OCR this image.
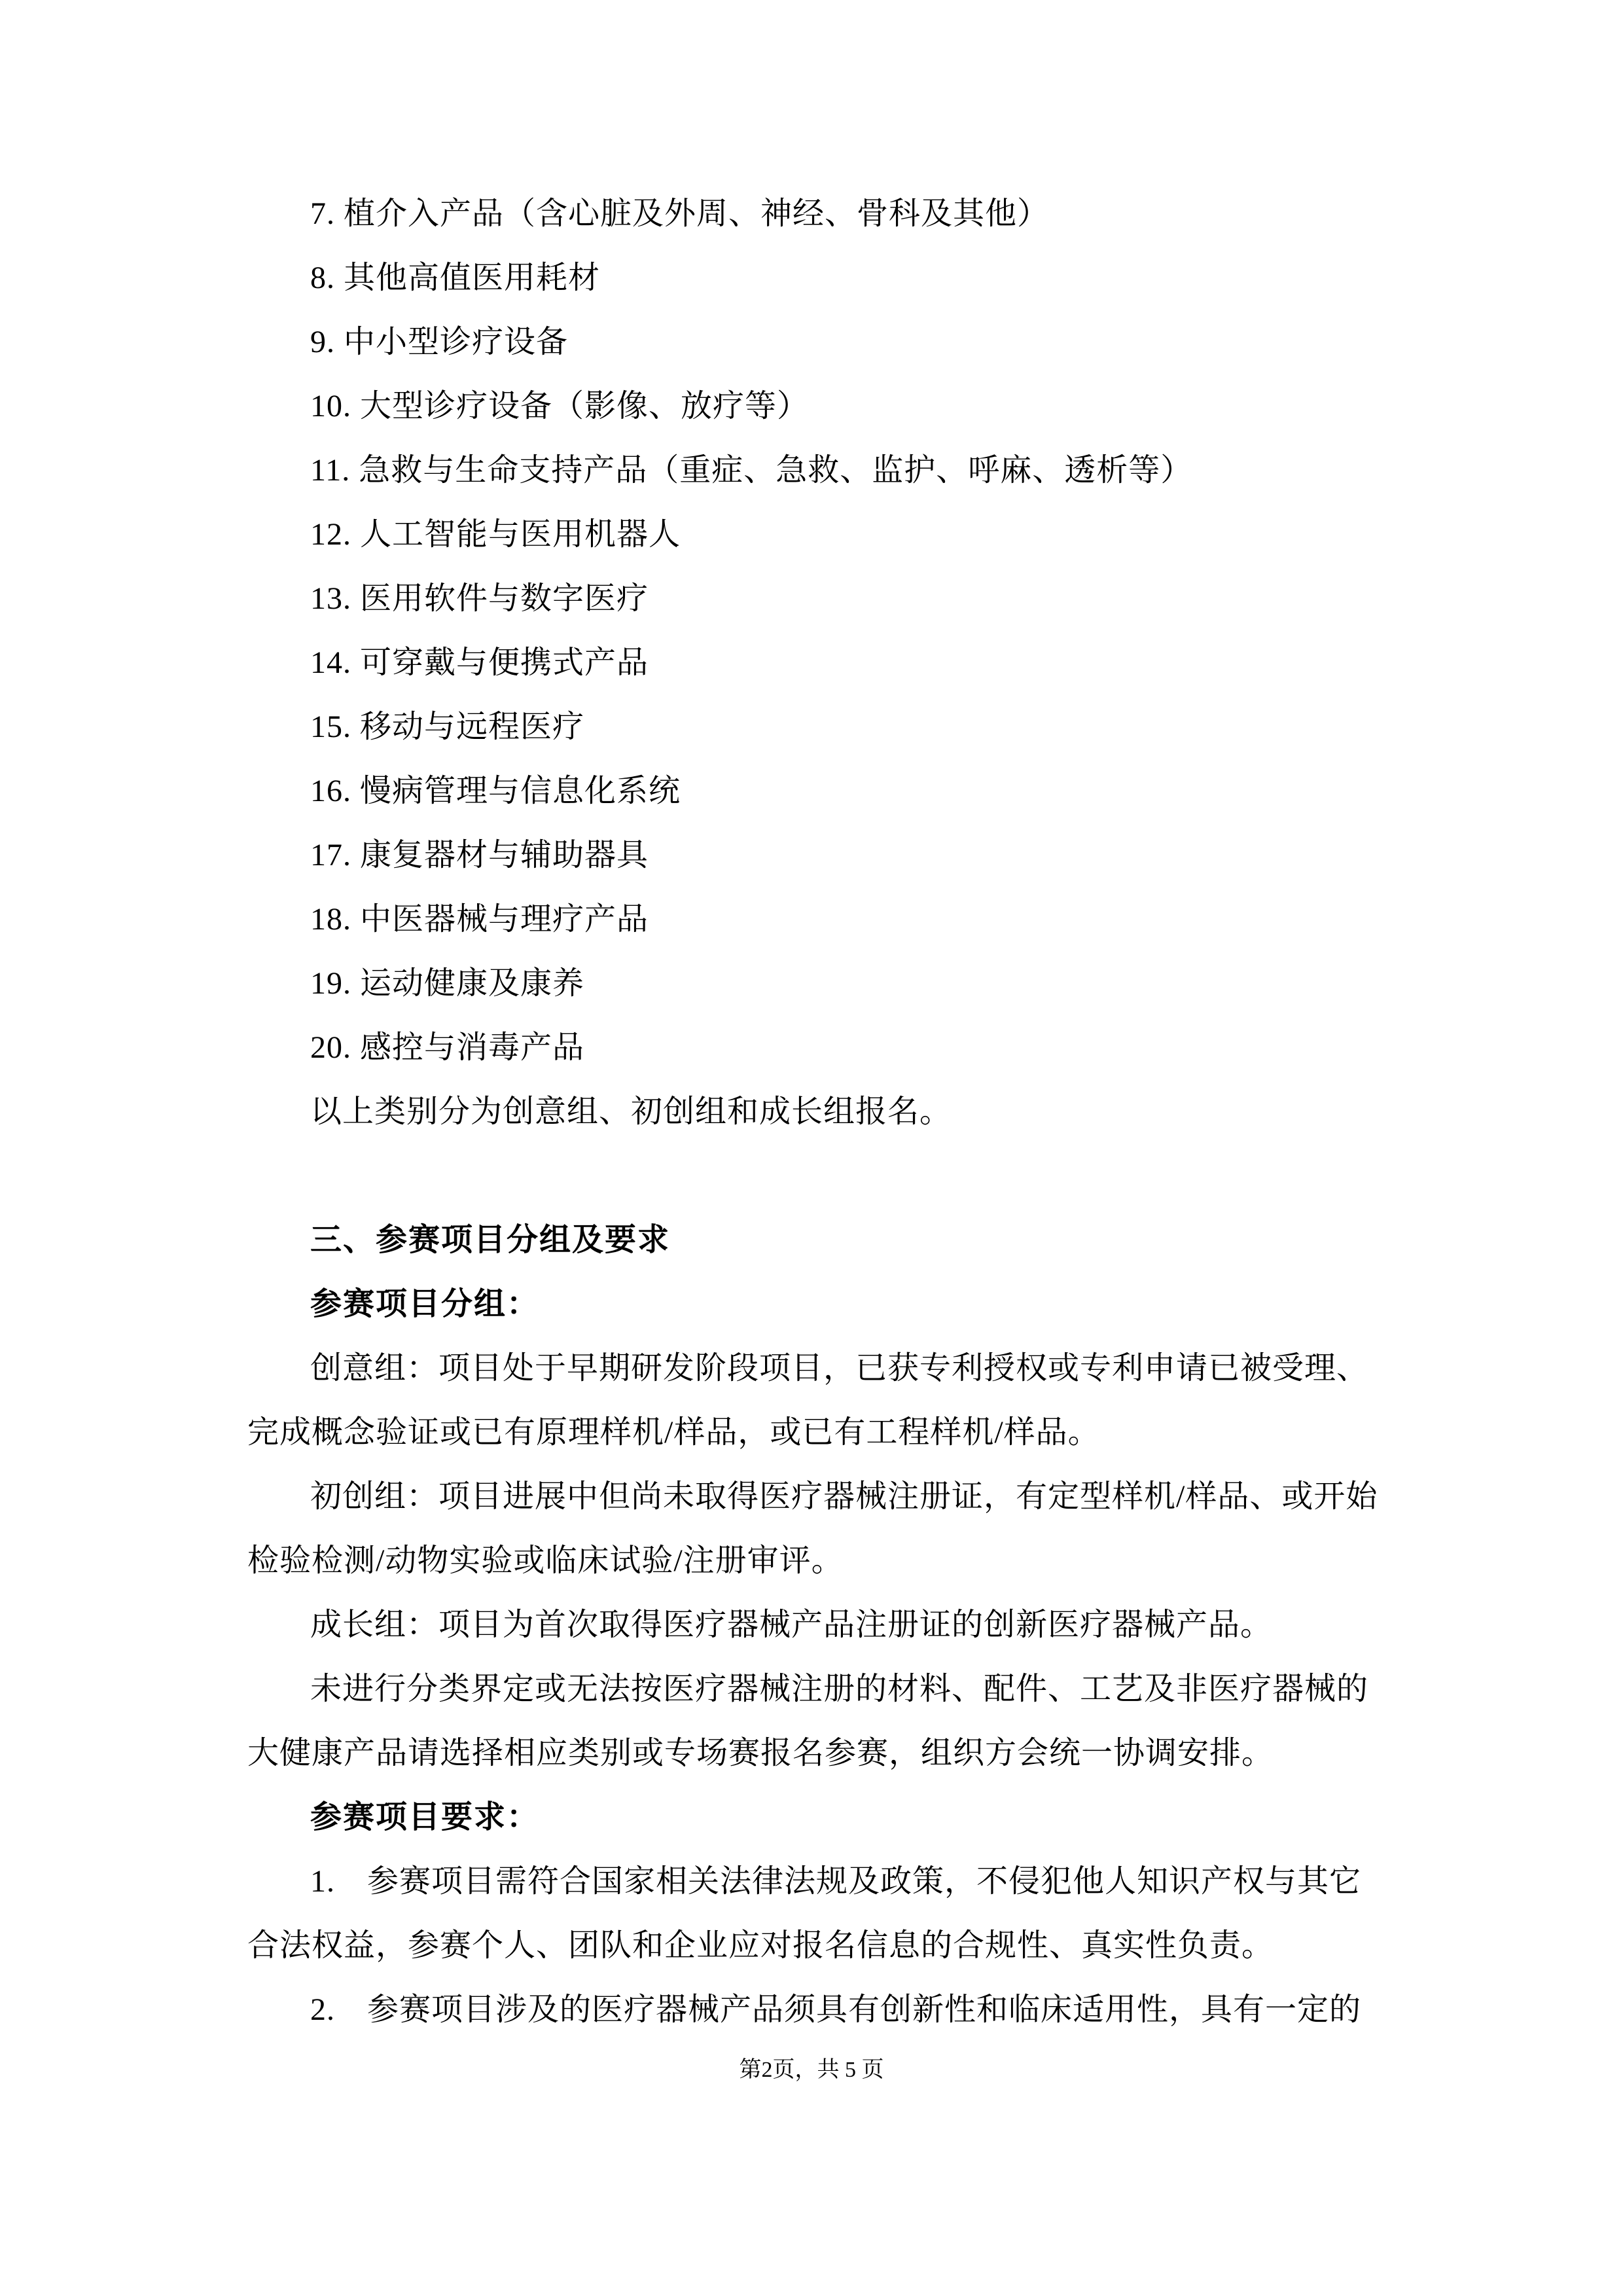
7. 植介入产品（含心脏及外周、神经、骨科及其他）

8. 其他高值医用耗材

9. 中小型诊疗设备

10. 大型诊疗设备（影像、放疗等）

11. 急救与生命支持产品（重症、急救、监护、呼麻、透析等）

12. 人工智能与医用机器人

13. 医用软件与数字医疗

14. 可穿戴与便携式产品

15. 移动与远程医疗

16. 慢病管理与信息化系统

17. 康复器材与辅助器具

18. 中医器械与理疗产品

19. 运动健康及康养

20. 感控与消毒产品

以上类别分为创意组、初创组和成长组报名。

三、参赛项目分组及要求

参赛项目分组：

创意组：项目处于早期研发阶段项目，已获专利授权或专利申请已被受理、

完成概念验证或已有原理样机/样品，或已有工程样机/样品。

初创组：项目进展中但尚未取得医疗器械注册证，有定型样机/样品、或开始

检验检测/动物实验或临床试验/注册审评。

成长组：项目为首次取得医疗器械产品注册证的创新医疗器械产品。

未进行分类界定或无法按医疗器械注册的材料、配件、工艺及非医疗器械的

大健康产品请选择相应类别或专场赛报名参赛，组织方会统一协调安排。

参赛项目要求：

1.　参赛项目需符合国家相关法律法规及政策，不侵犯他人知识产权与其它

合法权益，参赛个人、团队和企业应对报名信息的合规性、真实性负责。

2.　参赛项目涉及的医疗器械产品须具有创新性和临床适用性，具有一定的

第2页，共 5 页
